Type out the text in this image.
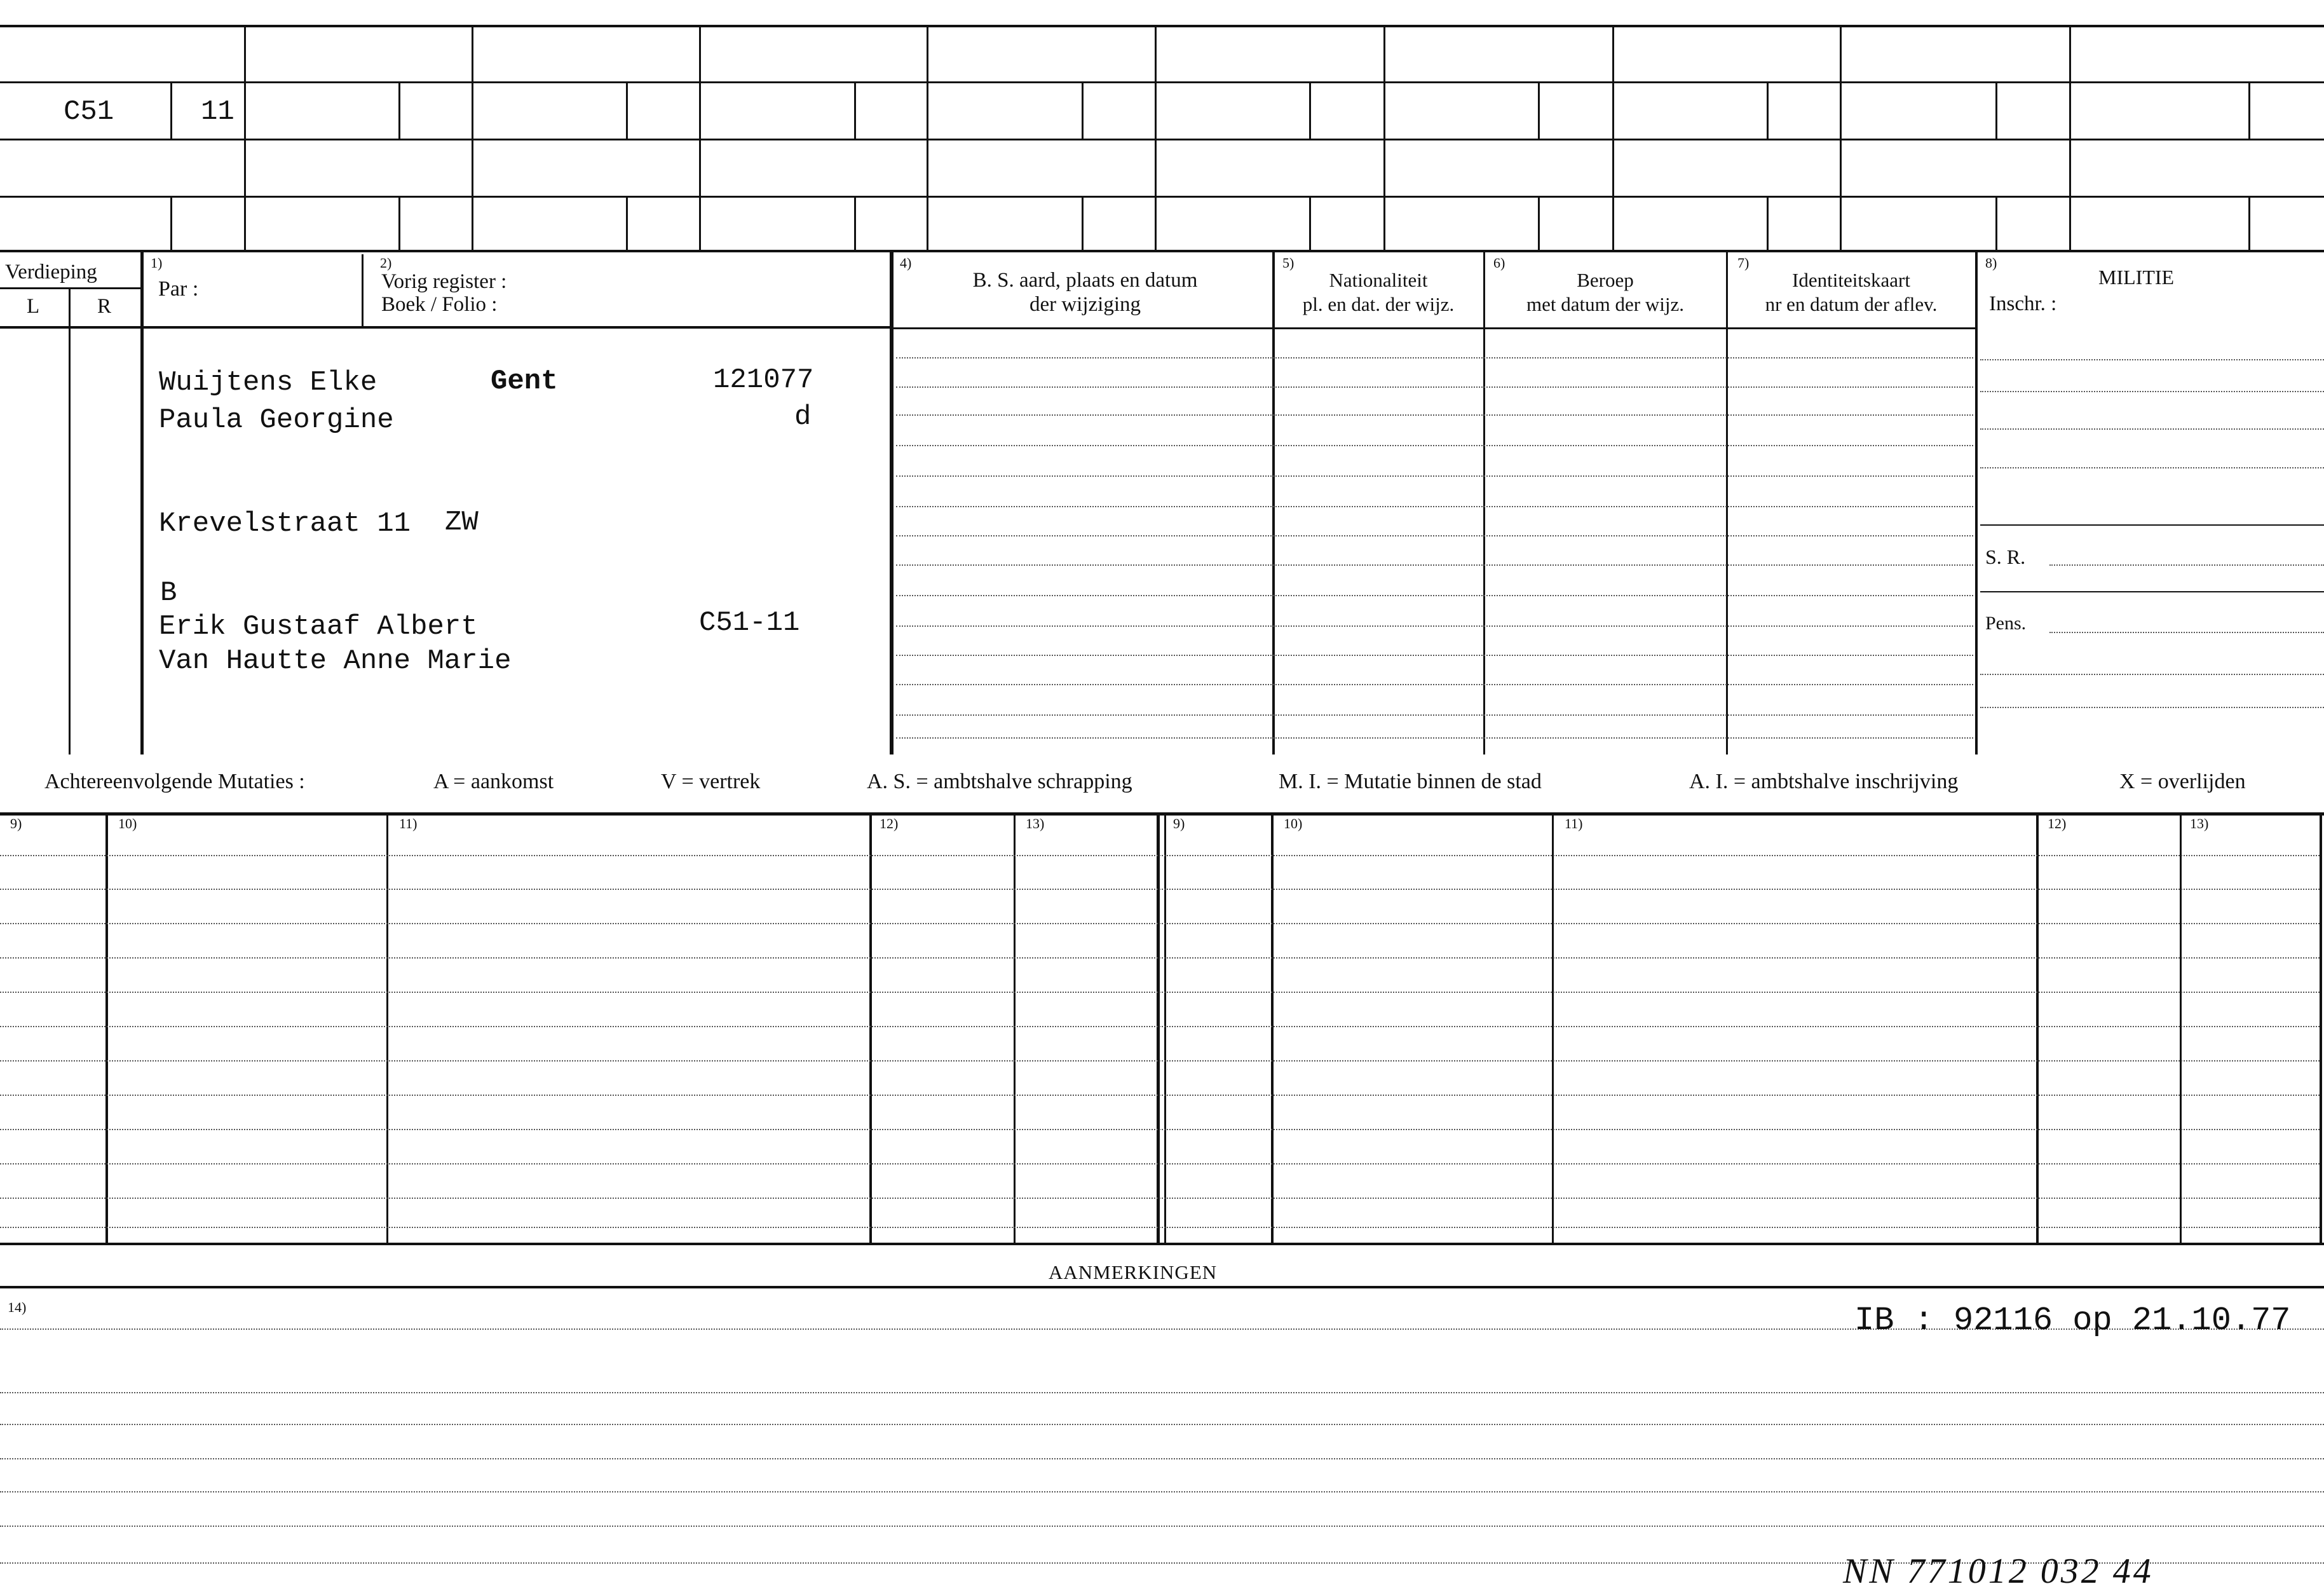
C51	11
Verdieping
L	R
1)
Par :
2)
Vorig register :
Boek / Folio :
4)
B. S. aard, plaats en datum
der wijziging
5)
Nationaliteit
pl. en dat. der wijz.
6)
Beroep
met datum der wijz.
7)
Identiteitskaart
nr en datum der aflev.
8)
MILITIE
Inschr. :
S. R.
Pens.
Wuijtens Elke	Gent	121077
Paula Georgine	d
Krevelstraat 11 ZW
B
Erik Gustaaf Albert	C51-11
Van Hautte Anne Marie
Achtereenvolgende Mutaties :	A = aankomst	V = vertrek	A. S. = ambtshalve schrapping	M. I. = Mutatie binnen de stad	A. I. = ambtshalve inschrijving	X = overlijden
9)	10)	11)	12)	13)	9)	10)	11)	12)	13)
AANMERKINGEN
14)	IB : 92116 op 21.10.77
NN 771012 032 44
